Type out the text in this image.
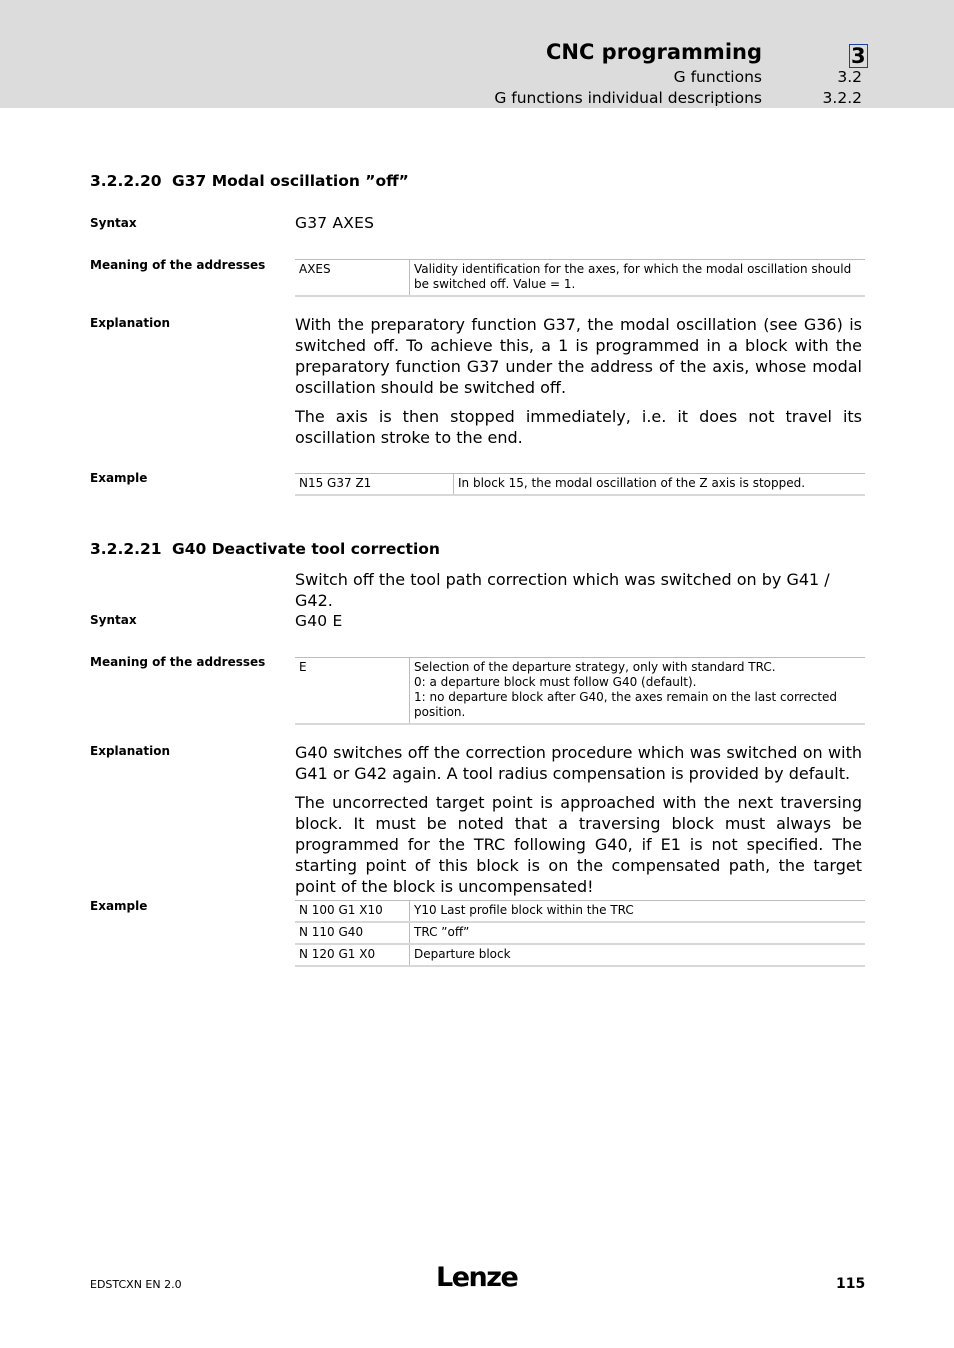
CNC programming	3
G functions	3.2
G functions individual descriptions	3.2.2
3.2.2.20 G37 Modal oscillation ”off”
Syntax	G37 AXES
Meaning of the addresses	AXES	Validity identification for the axes, for which the modal oscillation should be switched off. Value = 1.
Explanation	With the preparatory function G37, the modal oscillation (see G36) is switched off. To achieve this, a 1 is programmed in a block with the preparatory function G37 under the address of the axis, whose modal oscillation should be switched off.

The axis is then stopped immediately, i.e. it does not travel its oscillation stroke to the end.

Example	N15 G37 Z1	In block 15, the modal oscillation of the Z axis is stopped.
3.2.2.21 G40 Deactivate tool correction

Switch off the tool path correction which was switched on by G41 / G42.

Syntax	G40 E
Meaning of the addresses	E	Selection of the departure strategy, only with standard TRC.
0: a departure block must follow G40 (default).
1: no departure block after G40, the axes remain on the last corrected position.
Explanation	G40 switches off the correction procedure which was switched on with G41 or G42 again. A tool radius compensation is provided by default.

The uncorrected target point is approached with the next traversing block. It must be noted that a traversing block must always be programmed for the TRC following G40, if E1 is not specified. The starting point of this block is on the compensated path, the target point of the block is uncompensated!

Example	N 100 G1 X10	Y10 Last profile block within the TRC
N 110 G40	TRC ”off”
N 120 G1 X0	Departure block
EDSTCXN EN 2.0	Lenze	115
